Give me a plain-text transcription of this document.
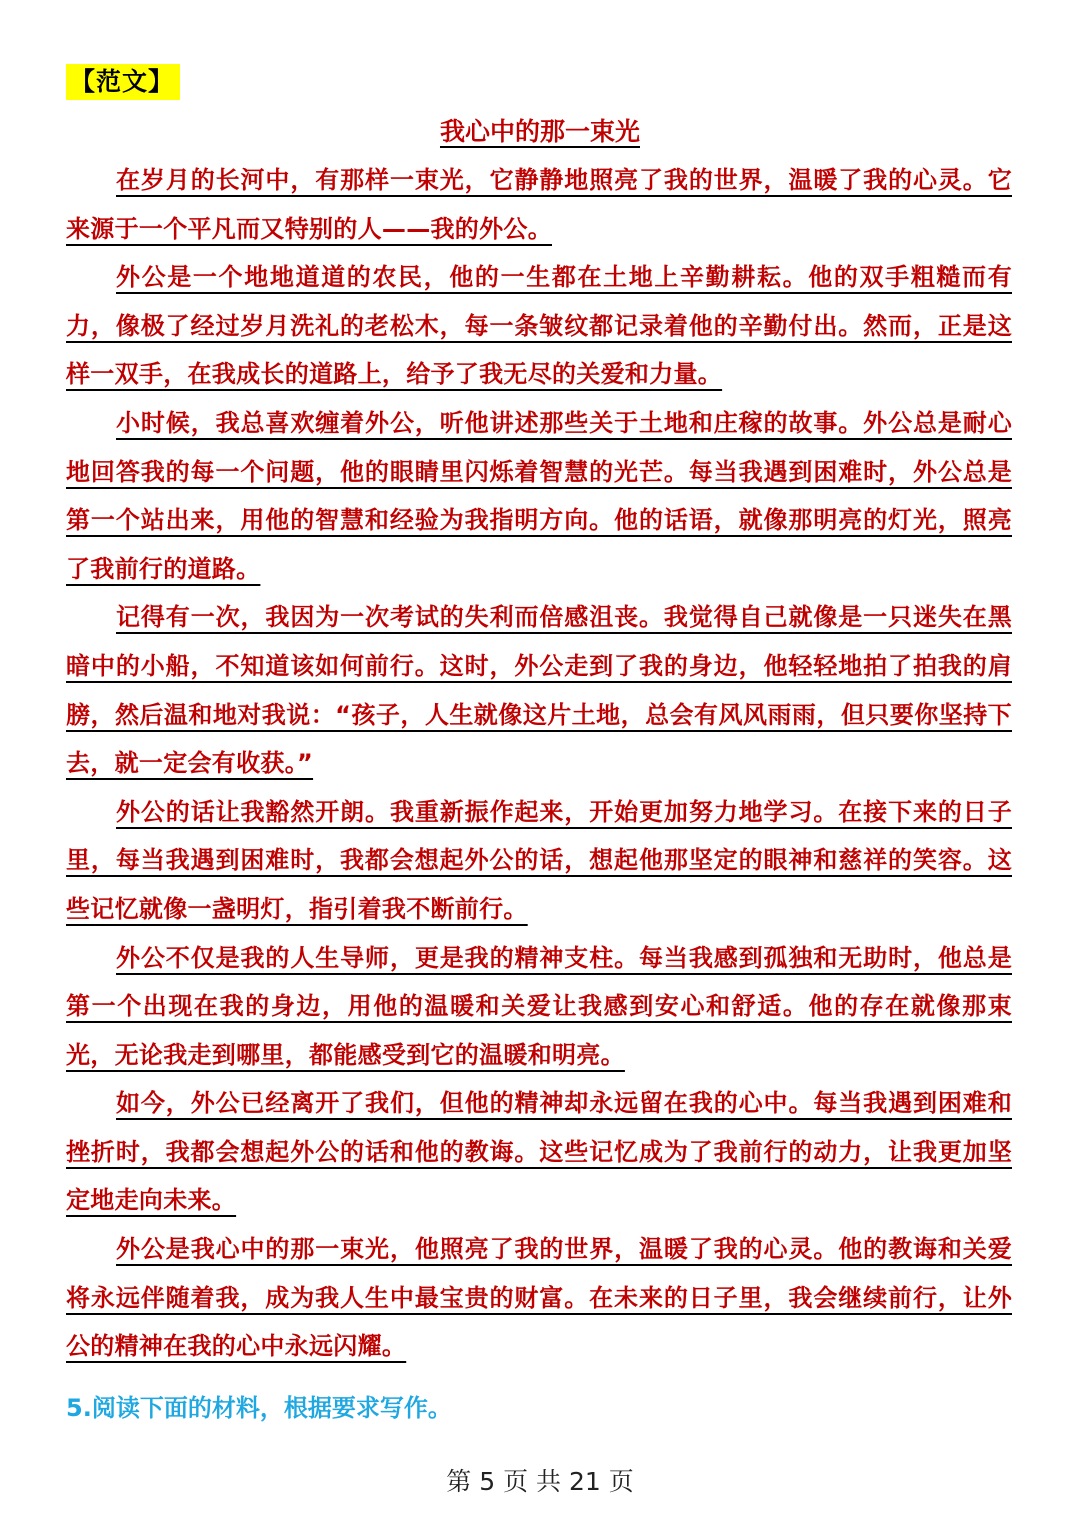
【范文】
我心中的那一束光

在岁月的长河中，有那样一束光，它静静地照亮了我的世界，温暖了我的心灵。它来源于一个平凡而又特别的人——我的外公。

外公是一个地地道道的农民，他的一生都在土地上辛勤耕耘。他的双手粗糙而有力，像极了经过岁月洗礼的老松木，每一条皱纹都记录着他的辛勤付出。然而，正是这样一双手，在我成长的道路上，给予了我无尽的关爱和力量。

小时候，我总喜欢缠着外公，听他讲述那些关于土地和庄稼的故事。外公总是耐心地回答我的每一个问题，他的眼睛里闪烁着智慧的光芒。每当我遇到困难时，外公总是第一个站出来，用他的智慧和经验为我指明方向。他的话语，就像那明亮的灯光，照亮了我前行的道路。

记得有一次，我因为一次考试的失利而倍感沮丧。我觉得自己就像是一只迷失在黑暗中的小船，不知道该如何前行。这时，外公走到了我的身边，他轻轻地拍了拍我的肩膀，然后温和地对我说：“孩子，人生就像这片土地，总会有风风雨雨，但只要你坚持下去，就一定会有收获。”

外公的话让我豁然开朗。我重新振作起来，开始更加努力地学习。在接下来的日子里，每当我遇到困难时，我都会想起外公的话，想起他那坚定的眼神和慈祥的笑容。这些记忆就像一盏明灯，指引着我不断前行。

外公不仅是我的人生导师，更是我的精神支柱。每当我感到孤独和无助时，他总是第一个出现在我的身边，用他的温暖和关爱让我感到安心和舒适。他的存在就像那束光，无论我走到哪里，都能感受到它的温暖和明亮。

如今，外公已经离开了我们，但他的精神却永远留在我的心中。每当我遇到困难和挫折时，我都会想起外公的话和他的教诲。这些记忆成为了我前行的动力，让我更加坚定地走向未来。

外公是我心中的那一束光，他照亮了我的世界，温暖了我的心灵。他的教诲和关爱将永远伴随着我，成为我人生中最宝贵的财富。在未来的日子里，我会继续前行，让外公的精神在我的心中永远闪耀。

5.阅读下面的材料，根据要求写作。
第 5 页 共 21 页
